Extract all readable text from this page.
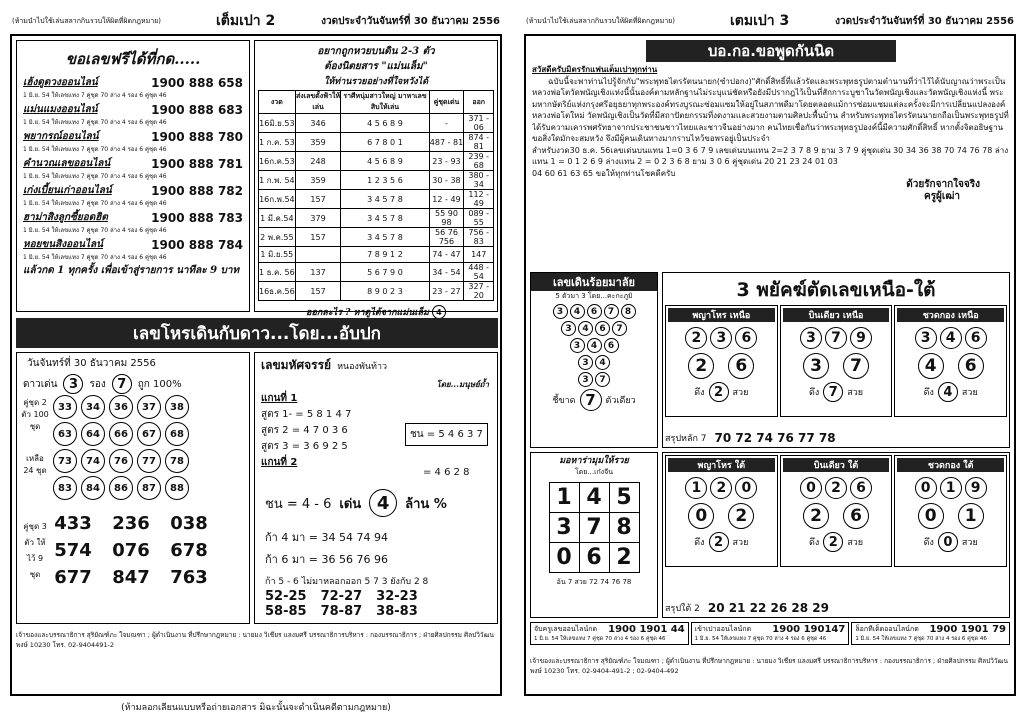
(ห้ามนำไปใช้เล่นสลากกินรวบให้ผิดที่ผิดกฎหมาย)	เต็มเปา 2	งวดประจำวันจันทร์ที่ 30 ธันวาคม 2556
ขอเลขฟรีได้ที่กด.....
เฮ้งดูดวงออนไลน์	1900 888 658
1 มิ.ย. 54 ให้เลขแทง 7 คู่ชุด 70 ล่าง 4 รอง 6 คู่ชุด 46
แม่นแมงออนไลน์	1900 888 683
1 มิ.ย. 54 ให้เลขแทง 7 คู่ชุด 70 ล่าง 4 รอง 6 คู่ชุด 46
พยากรณ์ออนไลน์	1900 888 780
1 มิ.ย. 54 ให้เลขแทง 7 คู่ชุด 70 ล่าง 4 รอง 6 คู่ชุด 46
คำนวณเลขออนไลน์	1900 888 781
1 มิ.ย. 54 ให้เลขแทง 7 คู่ชุด 70 ล่าง 4 รอง 6 คู่ชุด 46
เก่งเบี้ยนเก่าออนไลน์	1900 888 782
1 มิ.ย. 54 ให้เลขแทง 7 คู่ชุด 70 ล่าง 4 รอง 6 คู่ชุด 46
ฮาม่าสิงลูกซี้ยอดฮิต	1900 888 783
1 มิ.ย. 54 ให้เลขแทง 7 คู่ชุด 70 ล่าง 4 รอง 6 คู่ชุด 46
หอยขนสิงออนไลน์	1900 888 784
1 มิ.ย. 54 ให้เลขแทง 7 คู่ชุด 70 ล่าง 4 รอง 6 คู่ชุด 46
แล้วกด 1 ทุกครั้ง เพื่อเข้าสู่รายการ นาทีละ 9 บาท
อยากถูกหวยบนดิน 2-3 ตัว
ต้องนิตยสาร "แม่นเล็ม"
ให้ท่านรวยอย่างที่ใจหวังได้
งวด	ส่งเลขตั้งฟ้าให้เล่น	ราศีหนุ่มสาวใหญ่ มาหาเลข สิบให้เล่น	คู่ชุดเด่น	ออก
16มิ.ย.53	346	4 5 6 8 9	-	371 - 06
1 ก.ค. 53	359	6 7 8 0 1	487 - 81	874 - 81
16ก.ค.53	248	4 5 6 8 9	23 - 93	239 - 68
1 ก.พ. 54	359	1 2 3 5 6	30 - 38	380 - 34
16ก.พ.54	157	3 4 5 7 8	12 - 49	112 - 49
1 มี.ค.54	379	3 4 5 7 8	55 90 98	089 - 55
2 พ.ค.55	157	3 4 5 7 8	56 76 756	756 - 83
1 มิ.ย.55		7 8 9 1 2	74 - 47	147
1 ธ.ค. 56	137	5 6 7 9 0	34 - 54	448 - 54
16ธ.ค.56	157	8 9 0 2 3	23 - 27	327 - 20
ออกละไร ? หาดูได้จากแม่นเล็ม 4
เลขโหรเดินกับดาว...โดย...อับปก
วันจันทร์ที่ 30 ธันวาคม 2556
ดาวเด่น 3	รอง 7	ถูก 100%
คู่ชุด 2 ตัว 100 ชุด
เหลือ 24 ชุด
33	34	36	37	38
63	64	66	67	68
73	74	76	77	78
83	84	86	87	88
คู่ชุด 3 ตัว ให้ไว้ 9 ชุด
433 236 038
574 076 678
677 847 763
เลขมหัศจรรย์ หนองพันท้าว
โดย...มนุษย์ถ้ำ
แกนที่ 1
สูตร 1- = 5 8 1 4 7
สูตร 2 = 4 7 0 3 6
สูตร 3 = 3 6 9 2 5
แกนที่ 2
ชน = 5 4 6 3 7
= 4 6 2 8
ชน = 4 - 6 เด่น 4	ล้าน %
ก้า 4 มา = 34 54 74 94
ก้า 6 มา = 36 56 76 96
ก้า 5 - 6 ไม่มาหลอกออก 5 7 3 ยังกับ 2 8
52-25 72-27 32-23
58-85 78-87 38-83
เจ้าของและบรรณาธิการ สุริยัณฑ์ภะ ใจมณฑา ; ผู้ดำเนินงาน ที่ปรึกษากฎหมาย : นายมง วิเชียร แลงมศรี บรรณาธิการบริหาร : กองบรรณาธิการ ; ฝ่ายศิลปกรรม ศิลปวิวัฒนพงษ์ 10230 โทร. 02-9404491-2
(ห้ามลอกเลียนแบบหรือถ่ายเอกสาร มิฉะนั้นจะดำเนินคดีตามกฎหมาย)
(ห้ามนำไปใช้เล่นสลากกินรวบให้ผิดที่ผิดกฎหมาย)	เตมเปา 3	งวดประจำวันจันทร์ที่ 30 ธันวาคม 2556
บอ.กอ.ขอพูดกันนิด
สวัสดีครับมิตรรักแฟนเต็มเปาทุกท่าน
ฉบับนี้จะพาท่านไปรู้จักกับ"พระพุทธไตรรัตนนายก(ซำปอกง)"ศักดิ์สิทธิ์ที่แล้วรัดและพระพุทธรูปตามตำนานที่ว่าไว้ได้นับญาณว่าพระเป็นหลวงพ่อโตวัดพนัญเชิงแห่งนี้นั้นองค์ตามหลักฐานไม่ระบุแน่ชัดหรือยังมีปรากฎไว้เป็นที่สักการะบูชาในวัดพนัญเชิงและวัดพนัญเชิงแห่งนี้ พระมหากษัตริย์แห่งกรุงศรีอยุธยาทุกพระองค์ทรงบูรณะซ่อมแซมให้อยู่ในสภาพดีมาโดยตลอดแม้การซ่อมแซมแต่ละครั้งจะมีการเปลี่ยนแปลงองค์หลวงพ่อโตใหม่ วัดพนัญเชิงเป็นวัดที่มีสถาปัตยกรรมที่งดงามและสวยงามตามศิลปะพื้นบ้าน สำหรับพระพุทธไตรรัตนนายกถือเป็นพระพุทธรูปที่ได้รับความเคารพศรัทธาจากประชาชนชาวไทยและชาวจีนอย่างมาก คนไทยเชื่อกันว่าพระพุทธรูปองค์นี้มีความศักดิ์สิทธิ์ หากตั้งจิตอธิษฐานขอสิ่งใดมักจะสมหวัง จึงมีผู้คนเดินทางมากราบไหว้ขอพรอยู่เป็นประจำ
สำหรับงวด30 ธ.ค. 56เลขเด่นบนแทน 1=0 3 6 7 9 เลขเด่นบนแทน 2=2 3 7 8 9 ยาม 3 7 9 คู่ชุดเด่น 30 34 36 38 70 74 76 78 ล่างแทน 1 = 0 1 2 6 9 ล่างแทน 2 = 0 2 3 6 8 ยาม 3 0 6 คู่ชุดเด่น 20 21 23 24 01 03
04 60 61 63 65 ขอให้ทุกท่านโชคดีครับ
ด้วยรักจากใจจริง
ครูผู้เฒ่า
เลขเดินร้อยมาลัย
5 ตัวมา 3 โดย...คะกะภูมิ
3	4	6	7	8
3	4	6	7
3	4	6
3	4
3	7
ชี้ขาด 7	ตัวเดียว
3 พยัคฆ์ตัดเลขเหนือ-ใต้
พญาโหร เหนือ
2	3	6
2	6
ดึง 2	สวย
บินเดียว เหนือ
3	7	9
3	7
ดึง 7	สวย
ชวดกอง เหนือ
3	4	6
4	6
ดึง 4	สวย
สรุปหลัก 7 70 72 74 76 77 78
มอหาร่ามุมให้รวย
โดย...เก๋งจีน
1	4	5
3	7	8
0	6	2
อ้น 7 สวย 72 74 76 78
พญาโหร ใต้
1	2	0
0	2
ดึง 2	สวย
บินเดียว ใต้
0	2	6
2	6
ดึง 2	สวย
ชวดกอง ใต้
0	1	9
0	1
ดึง 0	สวย
สรุปใต้ 2 20 21 22 26 28 29
จับครูเลขออนไลน์กด 1900 1901 44
1 มิ.ย. 54 ให้เลขแทง 7 คู่ชุด 70 ล่าง 4 รอง 6 คู่ชุด 46
เข้าเปาออนไลน์กด 1900 190147
1 มิ.ย. 54 ให้เลขแทง 7 คู่ชุด 70 ล่าง 4 รอง 6 คู่ชุด 46
ล็อกทีเด็ดออนไลน์กด 1900 1901 79
1 มิ.ย. 54 ให้เลขแทง 7 คู่ชุด 70 ล่าง 4 รอง 6 คู่ชุด 46
เจ้าของและบรรณาธิการ สุริยัณฑ์ภะ ใจมณฑา ; ผู้ดำเนินงาน ที่ปรึกษากฎหมาย : นายมง วิเชียร แลงมศรี บรรณาธิการบริหาร : กองบรรณาธิการ ; ฝ่ายศิลปกรรม ศิลปวิวัฒนพงษ์ 10230 โทร. 02-9404-491-2 ; 02-9404-492
